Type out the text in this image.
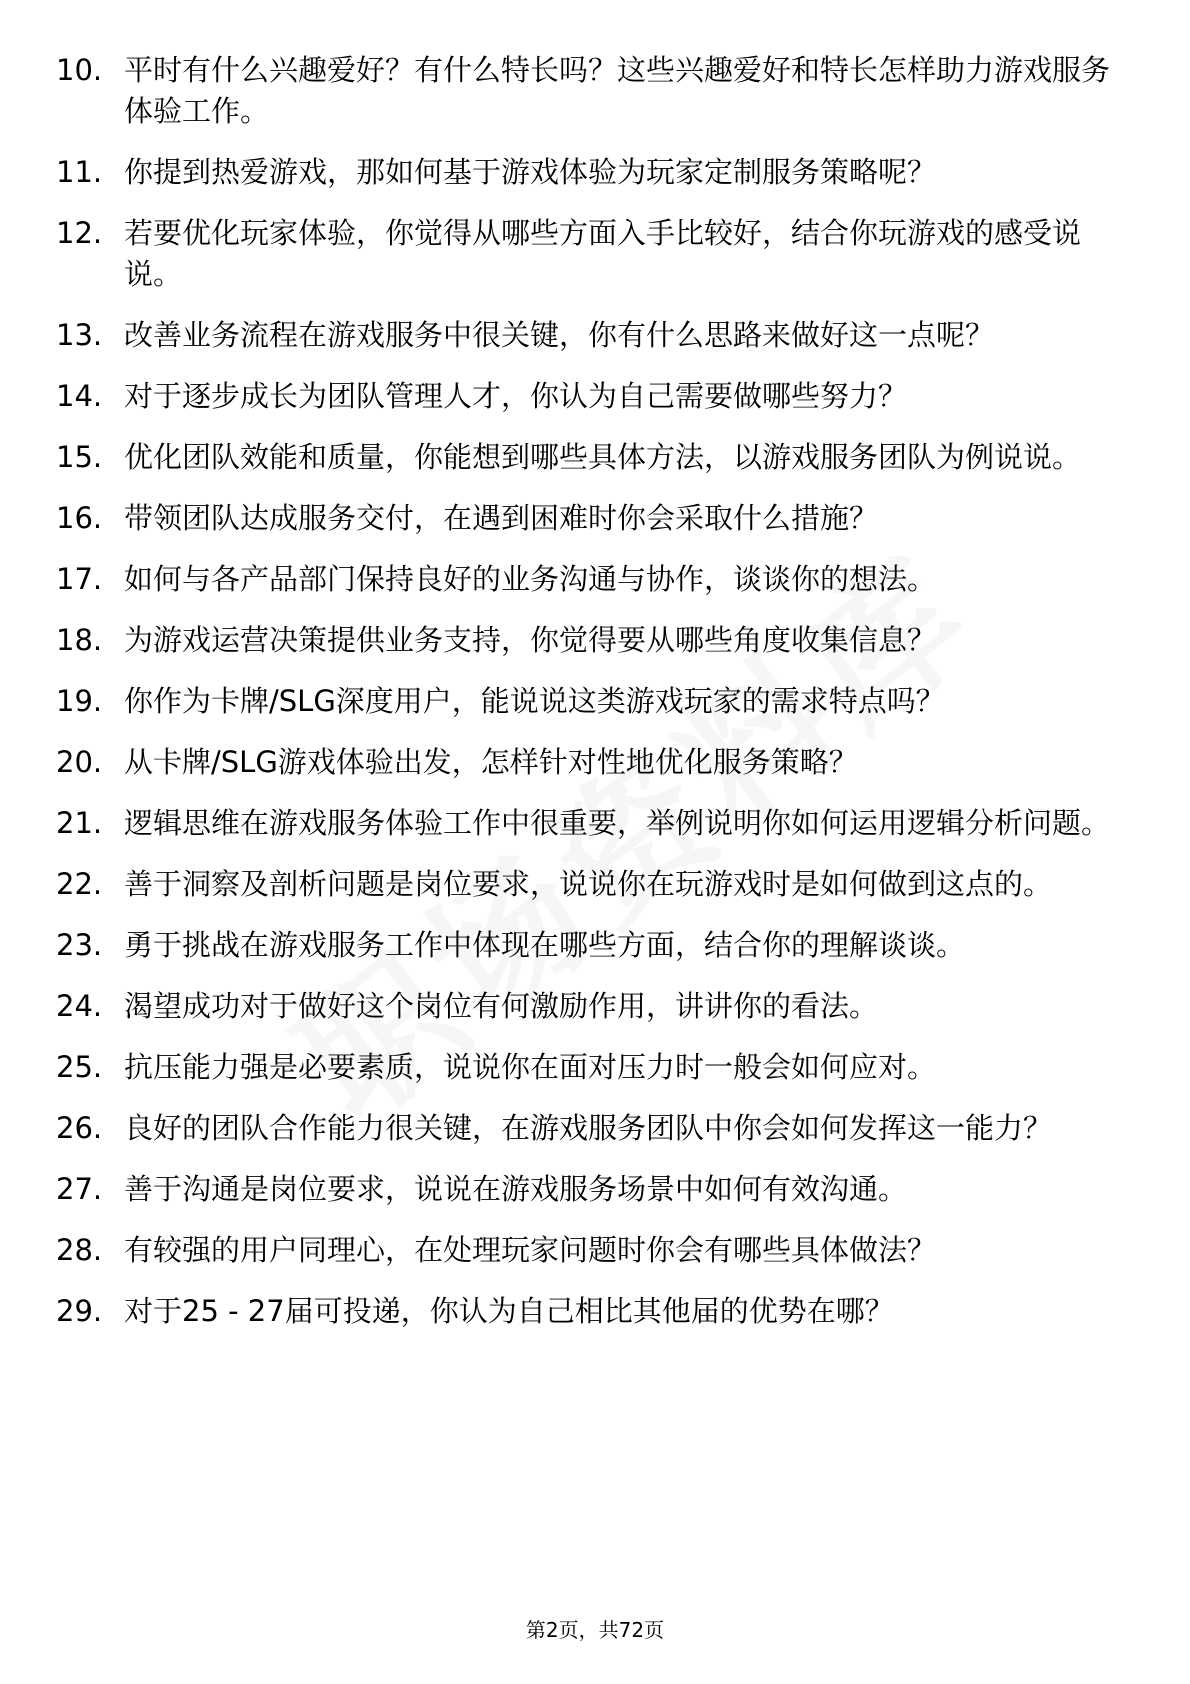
10. 平时有什么兴趣爱好？有什么特长吗？这些兴趣爱好和特长怎样助力游戏服务体验工作。
11. 你提到热爱游戏，那如何基于游戏体验为玩家定制服务策略呢？
12. 若要优化玩家体验，你觉得从哪些方面入手比较好，结合你玩游戏的感受说说。
13. 改善业务流程在游戏服务中很关键，你有什么思路来做好这一点呢？
14. 对于逐步成长为团队管理人才，你认为自己需要做哪些努力？
15. 优化团队效能和质量，你能想到哪些具体方法，以游戏服务团队为例说说。
16. 带领团队达成服务交付，在遇到困难时你会采取什么措施？
17. 如何与各产品部门保持良好的业务沟通与协作，谈谈你的想法。
18. 为游戏运营决策提供业务支持，你觉得要从哪些角度收集信息？
19. 你作为卡牌/SLG深度用户，能说说这类游戏玩家的需求特点吗？
20. 从卡牌/SLG游戏体验出发，怎样针对性地优化服务策略？
21. 逻辑思维在游戏服务体验工作中很重要，举例说明你如何运用逻辑分析问题。
22. 善于洞察及剖析问题是岗位要求，说说你在玩游戏时是如何做到这点的。
23. 勇于挑战在游戏服务工作中体现在哪些方面，结合你的理解谈谈。
24. 渴望成功对于做好这个岗位有何激励作用，讲讲你的看法。
25. 抗压能力强是必要素质，说说你在面对压力时一般会如何应对。
26. 良好的团队合作能力很关键，在游戏服务团队中你会如何发挥这一能力？
27. 善于沟通是岗位要求，说说在游戏服务场景中如何有效沟通。
28. 有较强的用户同理心，在处理玩家问题时你会有哪些具体做法？
29. 对于25 - 27届可投递，你认为自己相比其他届的优势在哪？
第2页，共72页
